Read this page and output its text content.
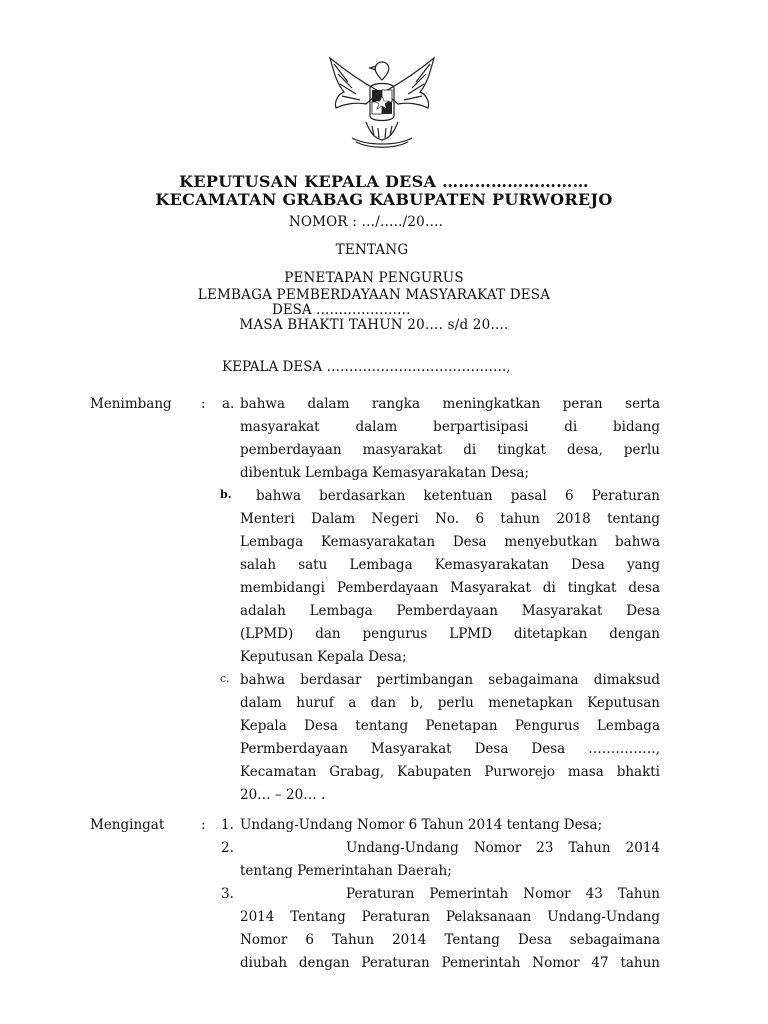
KEPUTUSAN KEPALA DESA ………………………
KECAMATAN GRABAG KABUPATEN PURWOREJO
NOMOR : …/…../20….
TENTANG
PENETAPAN PENGURUS
LEMBAGA PEMBERDAYAAN MASYARAKAT DESA
DESA …………………
MASA BHAKTI TAHUN 20…. s/d 20….
KEPALA DESA ………………………………….,
Menimbang : a. bahwa dalam rangka meningkatkan peran serta
masyarakat dalam berpartisipasi di bidang
pemberdayaan masyarakat di tingkat desa, perlu
dibentuk Lembaga Kemasyarakatan Desa;
b. bahwa berdasarkan ketentuan pasal 6 Peraturan
Menteri Dalam Negeri No. 6 tahun 2018 tentang
Lembaga Kemasyarakatan Desa menyebutkan bahwa
salah satu Lembaga Kemasyarakatan Desa yang
membidangi Pemberdayaan Masyarakat di tingkat desa
adalah Lembaga Pemberdayaan Masyarakat Desa
(LPMD) dan pengurus LPMD ditetapkan dengan
Keputusan Kepala Desa;
c. bahwa berdasar pertimbangan sebagaimana dimaksud
dalam huruf a dan b, perlu menetapkan Keputusan
Kepala Desa tentang Penetapan Pengurus Lembaga
Permberdayaan Masyarakat Desa Desa ……………,
Kecamatan Grabag, Kabupaten Purworejo masa bhakti
20… – 20… .
Mengingat	: 1. Undang-Undang Nomor 6 Tahun 2014 tentang Desa;
2.	Undang-Undang Nomor 23 Tahun 2014
tentang Pemerintahan Daerah;
3.	Peraturan Pemerintah Nomor 43 Tahun
2014 Tentang Peraturan Pelaksanaan Undang-Undang
Nomor 6 Tahun 2014 Tentang Desa sebagaimana
diubah dengan Peraturan Pemerintah Nomor 47 tahun
